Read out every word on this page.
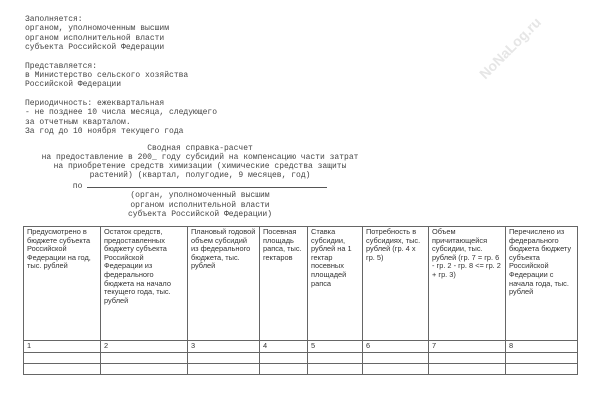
NoNaLog.ru
Заполняется:
органом, уполномоченным высшим
органом исполнительной власти
субъекта Российской Федерации
Представляется:
в Министерство сельского хозяйства
Российской Федерации
Периодичность: ежеквартальная
- не позднее 10 числа месяца, следующего
за отчетным кварталом.
За год до 10 ноября текущего года
Сводная справка-расчет
на предоставление в 200_ году субсидий на компенсацию части затрат
на приобретение средств химизации (химические средства защиты
растений) (квартал, полугодие, 9 месяцев, год)
по
(орган, уполномоченный высшим
органом исполнительной власти
субъекта Российской Федерации)
Предусмотрено в бюджете субъекта Российской Федерации на год, тыс. рублей	Остаток средств, предоставленных бюджету субъекта Российской Федерации из федерального бюджета на начало текущего года, тыс. рублей	Плановый годовой объем субсидий из федерального бюджета, тыс. рублей	Посевная площадь рапса, тыс. гектаров	Ставка субсидии, рублей на 1 гектар посевных площадей рапса	Потребность в субсидиях, тыс. рублей (гр. 4 x гр. 5)	Объем причитающейся субсидии, тыс. рублей (гр. 7 = гр. 6 - гр. 2 - гр. 8 <= гр. 2 + гр. 3)	Перечислено из федерального бюджета бюджету субъекта Российской Федерации с начала года, тыс. рублей
1	2	3	4	5	6	7	8
